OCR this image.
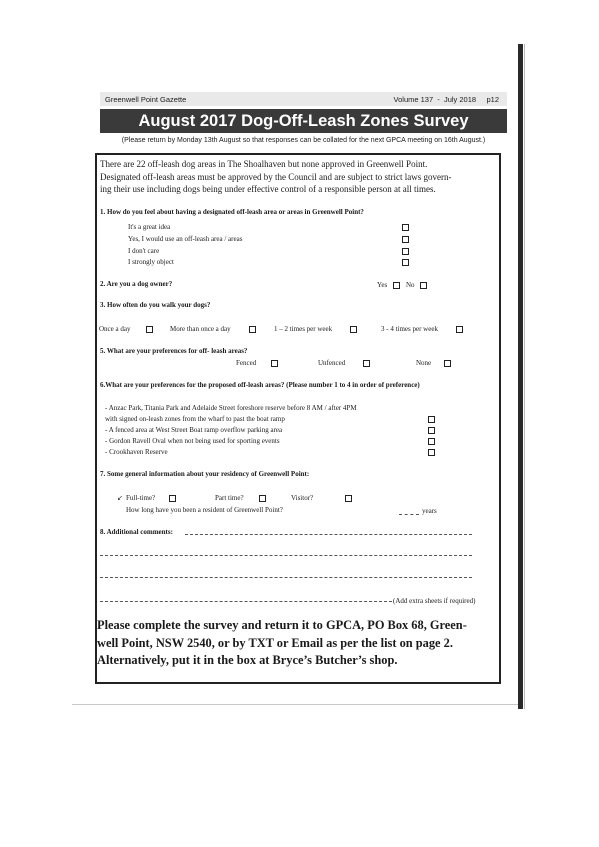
Greenwell Point Gazette	Volume 137  -  July 2018     p12
August 2017 Dog-Off-Leash Zones Survey
(Please return by Monday 13th August so that responses can be collated for the next GPCA meeting on 16th August.)

There are 22 off-leash dog areas in The Shoalhaven but none approved in Greenwell Point.

Designated off-leash areas must be approved by the Council and are subject to strict laws govern-

ing their use including dogs being under effective control of a responsible person at all times.

1. How do you feel about having a designated off-leash area or areas in Greenwell Point?
It's a great idea
Yes, I would use an off-leash area / areas
I don't care
I strongly object
2. Are you a dog owner?	Yes	No
3. How often do you walk your dogs?
Once a day	More than once a day	1 – 2 times per week	3 - 4 times per week
5. What are your preferences for off- leash areas?
Fenced	Unfenced	None
6.What are your preferences for the proposed off-leash areas? (Please number 1 to 4 in order of preference)
- Anzac Park, Titania Park and Adelaide Street foreshore reserve before 8 AM / after 4PM
with signed on-leash zones from the wharf to past the boat ramp
- A fenced area at West Street Boat ramp overflow parking area
- Gordon Ravell Oval when not being used for sporting events
- Crookhaven Reserve
7. Some general information about your residency of Greenwell Point:
↙ Full-time?	Part time?	Visitor?
How long have you been a resident of Greenwell Point?	years
8. Additional comments:
(Add extra sheets if required)

Please complete the survey and return it to GPCA, PO Box 68, Green-

well Point, NSW 2540, or by TXT or Email as per the list on page 2.

Alternatively, put it in the box at Bryce’s Butcher’s shop.
